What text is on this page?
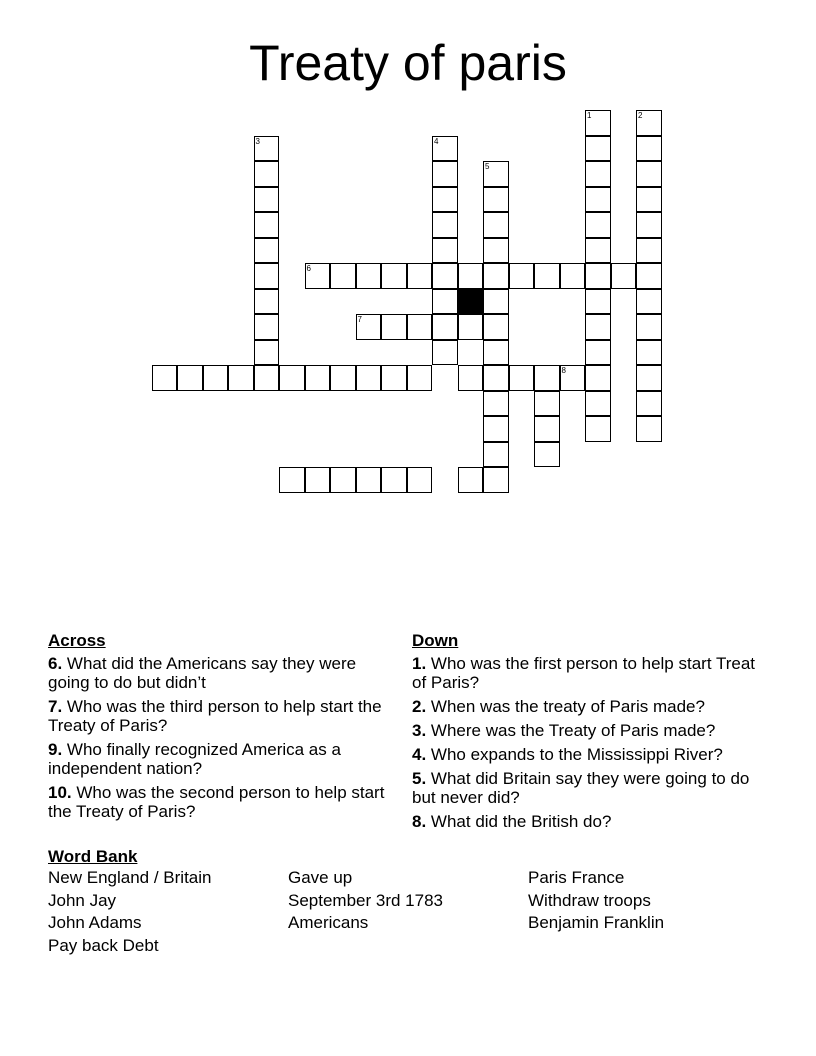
Treaty of paris
1	2
3	4
5
6
7
8
Across
6. What did the Americans say they were going to do but didn’t
7. Who was the third person to help start the Treaty of Paris?
9. Who finally recognized America as a independent nation?
10. Who was the second person to help start the Treaty of Paris?
Down
1. Who was the first person to help start Treat of Paris?
2. When was the treaty of Paris made?
3. Where was the Treaty of Paris made?
4. Who expands to the Mississippi River?
5. What did Britain say they were going to do but never did?
8. What did the British do?
Word Bank
New England / Britain
John Jay
John Adams
Pay back Debt
Gave up
September 3rd 1783
Americans
Paris France
Withdraw troops
Benjamin Franklin
